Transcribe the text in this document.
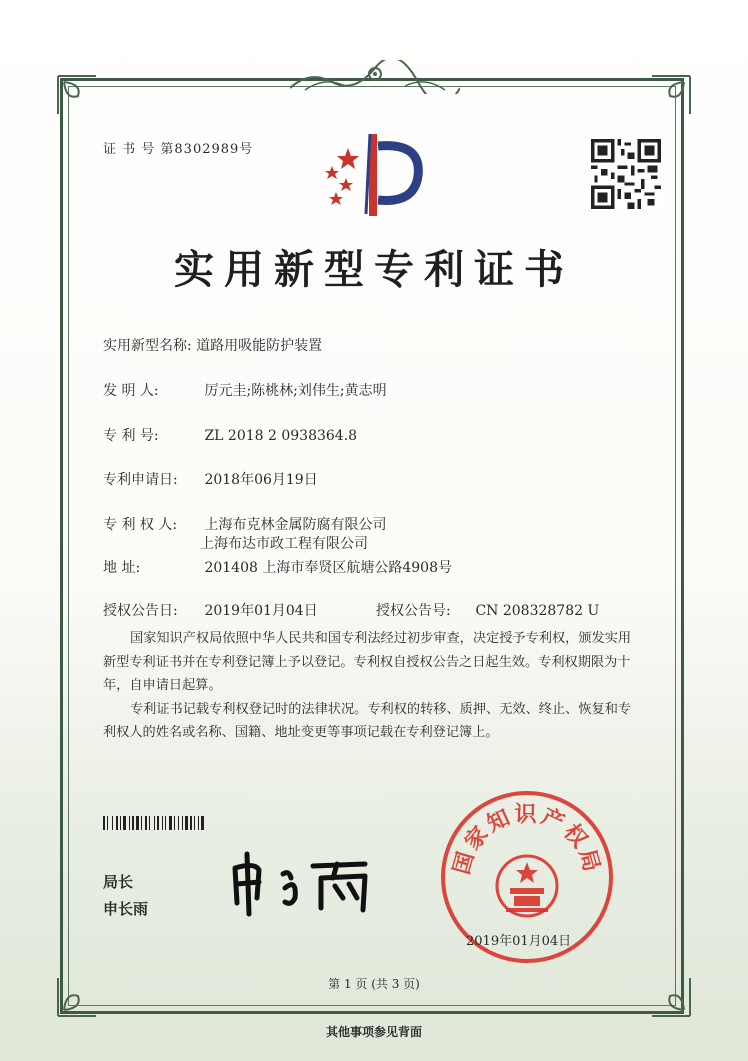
证 书 号 第8302989号
实用新型专利证书
实用新型名称: 道路用吸能防护装置
发 明 人:	厉元圭;陈桃林;刘伟生;黄志明
专 利 号:	ZL 2018 2 0938364.8
专利申请日: 2018年06月19日
专 利 权 人: 上海布克林金属防腐有限公司
上海布达市政工程有限公司
地 址:	201408 上海市奉贤区航塘公路4908号
授权公告日: 2019年01月04日	授权公告号: CN 208328782 U

国家知识产权局依照中华人民共和国专利法经过初步审查，决定授予专利权，颁发实用

新型专利证书并在专利登记簿上予以登记。专利权自授权公告之日起生效。专利权期限为十

年，自申请日起算。

专利证书记载专利权登记时的法律状况。专利权的转移、质押、无效、终止、恢复和专

利权人的姓名或名称、国籍、地址变更等事项记载在专利登记簿上。

局长
申长雨
国家知识产权局
2019年01月04日
第 1 页 (共 3 页)
其他事项参见背面
